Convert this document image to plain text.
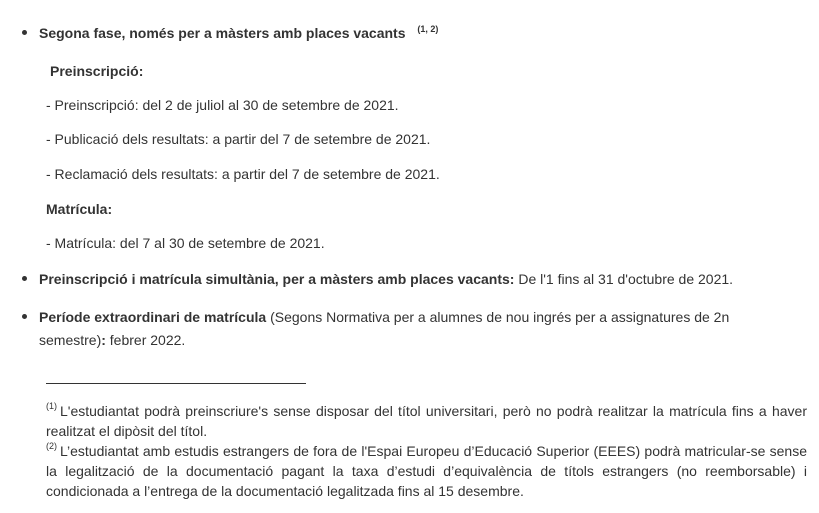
Segona fase, només per a màsters amb places vacants $^{(1, 2)}$
Preinscripció:
- Preinscripció: del 2 de juliol al 30 de setembre de 2021.
- Publicació dels resultats: a partir del 7 de setembre de 2021.
- Reclamació dels resultats: a partir del 7 de setembre de 2021.
Matrícula:
- Matrícula: del 7 al 30 de setembre de 2021.
Preinscripció i matrícula simultània, per a màsters amb places vacants: De l'1 fins al 31 d'octubre de 2021.
Període extraordinari de matrícula (Segons Normativa per a alumnes de nou ingrés per a assignatures de 2n
semestre): febrer 2022.
$^{(1)}$ L'estudiantat podrà preinscriure's sense disposar del títol universitari, però no podrà realitzar la matrícula fins a haver realitzat el dipòsit del títol.
$^{(2)}$ L’estudiantat amb estudis estrangers de fora de l'Espai Europeu d’Educació Superior (EEES) podrà matricular-se sense la legalització de la documentació pagant la taxa d’estudi d’equivalència de títols estrangers (no reemborsable) i condicionada a l’entrega de la documentació legalitzada fins al 15 desembre.
